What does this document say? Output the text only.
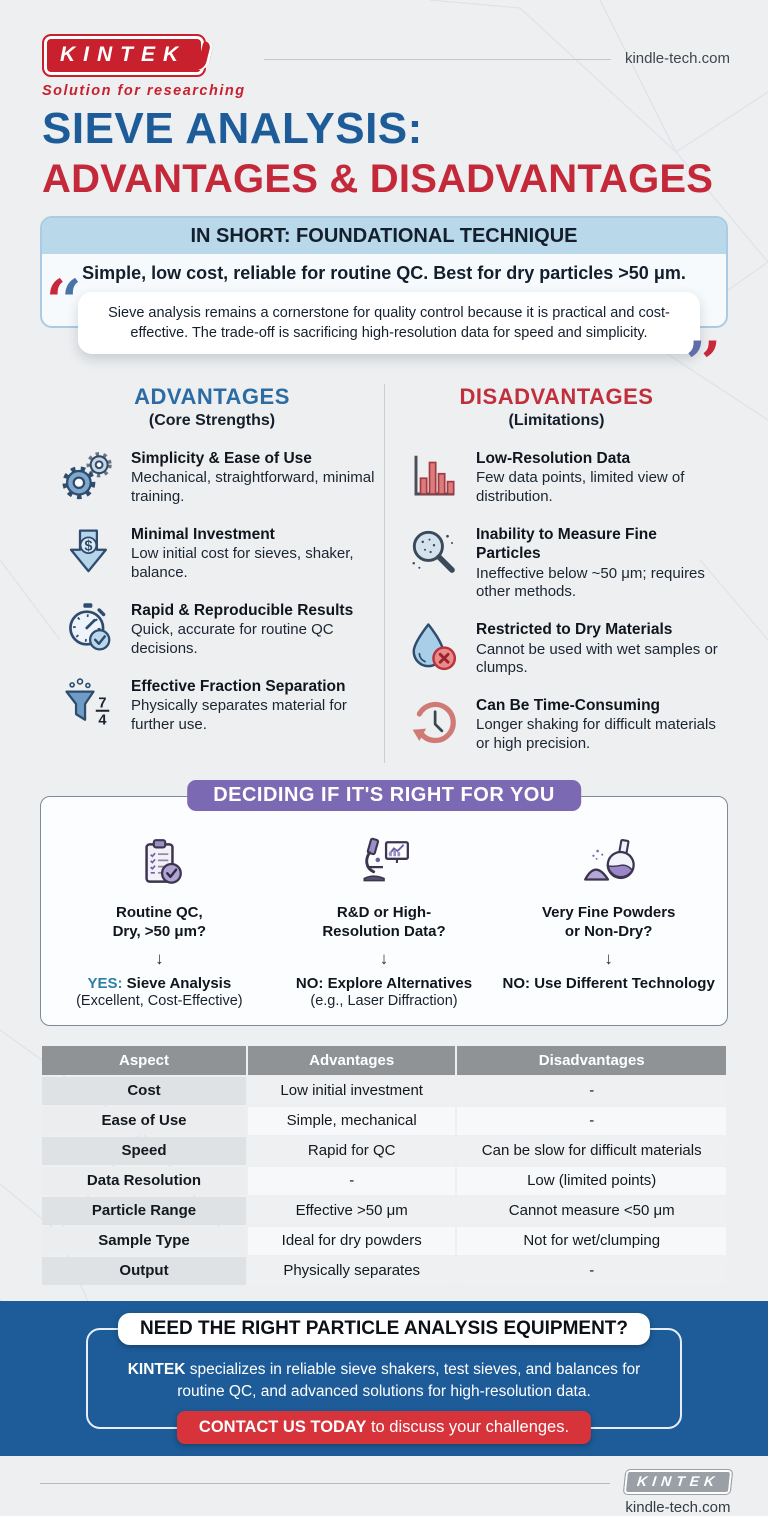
KINTEK
Solution for researching
kindle-tech.com
SIEVE ANALYSIS:
ADVANTAGES & DISADVANTAGES
IN SHORT: FOUNDATIONAL TECHNIQUE
Simple, low cost, reliable for routine QC. Best for dry particles >50 μm.
‘‘ Sieve analysis remains a cornerstone for quality control because it is practical and cost-effective. The trade-off is sacrificing high-resolution data for speed and simplicity. ’’
ADVANTAGES
(Core Strengths)
Simplicity & Ease of Use
Mechanical, straightforward, minimal training.
$
Minimal Investment
Low initial cost for sieves, shaker, balance.
Rapid & Reproducible Results
Quick, accurate for routine QC decisions.
7
4
Effective Fraction Separation
Physically separates material for further use.
DISADVANTAGES
(Limitations)
Low-Resolution Data
Few data points, limited view of distribution.
Inability to Measure Fine Particles
Ineffective below ~50 μm; requires other methods.
Restricted to Dry Materials
Cannot be used with wet samples or clumps.
Can Be Time-Consuming
Longer shaking for difficult materials or high precision.
DECIDING IF IT'S RIGHT FOR YOU
Routine QC,
Dry, >50 μm?
↓
YES: Sieve Analysis
(Excellent, Cost-Effective)
R&D or High-
Resolution Data?
↓
NO: Explore Alternatives
(e.g., Laser Diffraction)
Very Fine Powders
or Non-Dry?
↓
NO: Use Different Technology
Aspect	Advantages	Disadvantages
Cost	Low initial investment	-
Ease of Use	Simple, mechanical	-
Speed	Rapid for QC	Can be slow for difficult materials
Data Resolution	-	Low (limited points)
Particle Range	Effective >50 μm	Cannot measure <50 μm
Sample Type	Ideal for dry powders	Not for wet/clumping
Output	Physically separates	-
NEED THE RIGHT PARTICLE ANALYSIS EQUIPMENT?
KINTEK specializes in reliable sieve shakers, test sieves, and balances for routine QC, and advanced solutions for high-resolution data.
CONTACT US TODAY to discuss your challenges.
KINTEK
kindle-tech.com
